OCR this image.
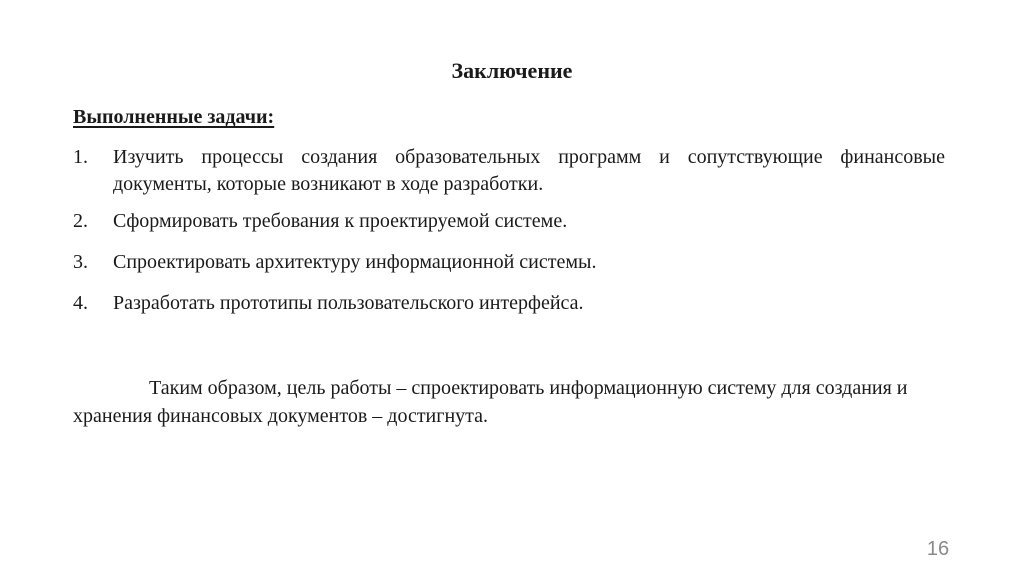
Заключение
Выполненные задачи:
1. Изучить процессы создания образовательных программ и сопутствующие финансовые документы, которые возникают в ходе разработки.
2. Сформировать требования к проектируемой системе.
3. Спроектировать архитектуру информационной системы.
4. Разработать прототипы пользовательского интерфейса.

Таким образом, цель работы – спроектировать информационную систему для создания и хранения финансовых документов – достигнута.

16
